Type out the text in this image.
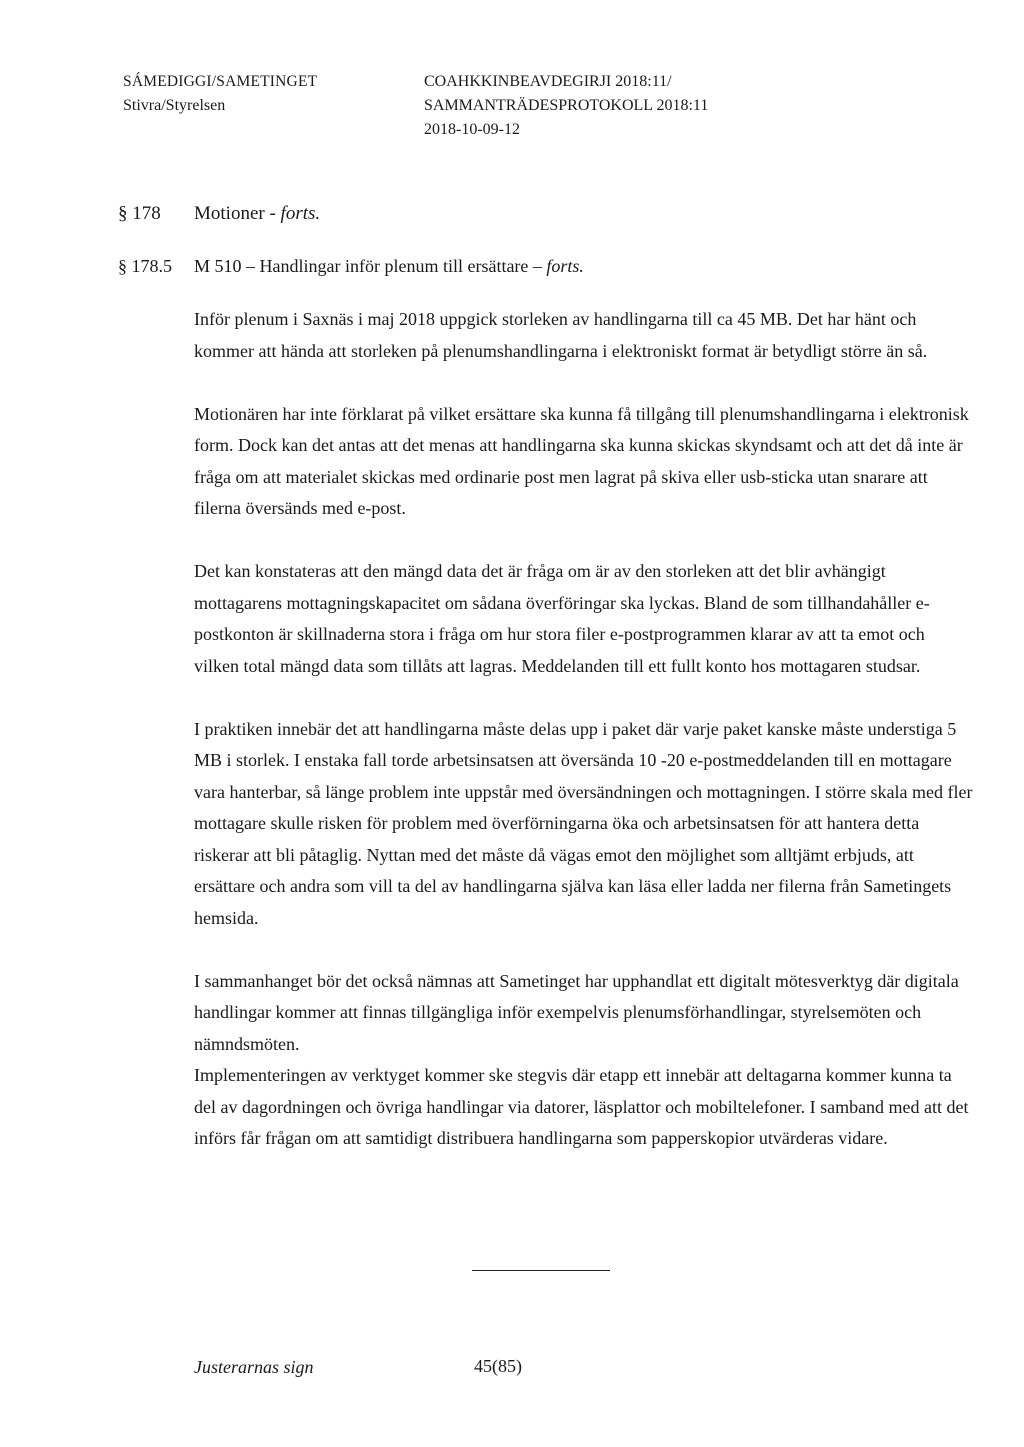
SÁMEDIGGI/SAMETINGET
Stivra/Styrelsen
COAHKKINBEAVDEGIRJI 2018:11/
SAMMANTRÄDESPROTOKOLL 2018:11
2018-10-09-12
§ 178 Motioner - forts.
§ 178.5 M 510 – Handlingar inför plenum till ersättare – forts.

Inför plenum i Saxnäs i maj 2018 uppgick storleken av handlingarna till ca 45 MB. Det har hänt och kommer att hända att storleken på plenumshandlingarna i elektroniskt format är betydligt större än så.

Motionären har inte förklarat på vilket ersättare ska kunna få tillgång till plenumshandlingarna i elektronisk form. Dock kan det antas att det menas att handlingarna ska kunna skickas skyndsamt och att det då inte är fråga om att materialet skickas med ordinarie post men lagrat på skiva eller usb-sticka utan snarare att filerna översänds med e-post.

Det kan konstateras att den mängd data det är fråga om är av den storleken att det blir avhängigt mottagarens mottagningskapacitet om sådana överföringar ska lyckas. Bland de som tillhandahåller e-postkonton är skillnaderna stora i fråga om hur stora filer e-postprogrammen klarar av att ta emot och vilken total mängd data som tillåts att lagras. Meddelanden till ett fullt konto hos mottagaren studsar.

I praktiken innebär det att handlingarna måste delas upp i paket där varje paket kanske måste understiga 5 MB i storlek. I enstaka fall torde arbetsinsatsen att översända 10 -20 e-postmeddelanden till en mottagare vara hanterbar, så länge problem inte uppstår med översändningen och mottagningen. I större skala med fler mottagare skulle risken för problem med överförningarna öka och arbetsinsatsen för att hantera detta riskerar att bli påtaglig. Nyttan med det måste då vägas emot den möjlighet som alltjämt erbjuds, att ersättare och andra som vill ta del av handlingarna själva kan läsa eller ladda ner filerna från Sametingets hemsida.

I sammanhanget bör det också nämnas att Sametinget har upphandlat ett digitalt mötesverktyg där digitala handlingar kommer att finnas tillgängliga inför exempelvis plenumsförhandlingar, styrelsemöten och nämndsmöten.

Implementeringen av verktyget kommer ske stegvis där etapp ett innebär att deltagarna kommer kunna ta del av dagordningen och övriga handlingar via datorer, läsplattor och mobiltelefoner. I samband med att det införs får frågan om att samtidigt distribuera handlingarna som papperskopior utvärderas vidare.

Justerarnas sign	45(85)
